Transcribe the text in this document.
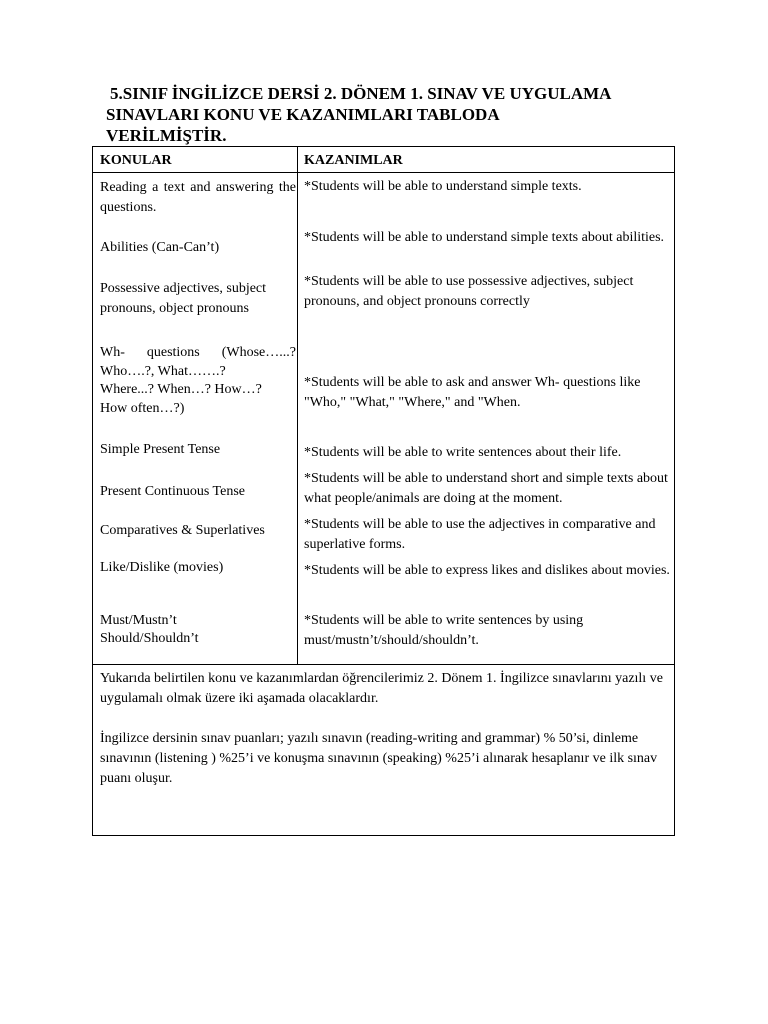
5.SINIF İNGİLİZCE DERSİ 2. DÖNEM 1. SINAV VE UYGULAMA
SINAVLARI KONU VE KAZANIMLARI TABLODA
VERİLMİŞTİR.
KONULAR	KAZANIMLAR

Reading a text and answering the questions.

Abilities (Can-Can’t)

Possessive adjectives, subject pronouns, object pronouns

Wh- questions (Whose…...?
Who….?, What…….?
Where...? When…? How…?
How often…?)

Simple Present Tense

Present Continuous Tense

Comparatives & Superlatives

Like/Dislike (movies)

Must/Mustn’t
Should/Shouldn’t

*Students will be able to understand simple texts.

*Students will be able to understand simple texts about abilities.

*Students will be able to use possessive adjectives, subject pronouns, and object pronouns correctly

*Students will be able to ask and answer Wh- questions like "Who," "What," "Where," and "When.

*Students will be able to write sentences about their life.

*Students will be able to understand short and simple texts about what people/animals are doing at the moment.

*Students will be able to use the adjectives in comparative and superlative forms.

*Students will be able to express likes and dislikes about movies.

*Students will be able to write sentences by using must/mustn’t/should/shouldn’t.

Yukarıda belirtilen konu ve kazanımlardan öğrencilerimiz 2. Dönem 1. İngilizce sınavlarını yazılı ve uygulamalı olmak üzere iki aşamada olacaklardır.

İngilizce dersinin sınav puanları; yazılı sınavın (reading-writing and grammar) % 50’si, dinleme sınavının (listening ) %25’i ve konuşma sınavının (speaking) %25’i alınarak hesaplanır ve ilk sınav puanı oluşur.
